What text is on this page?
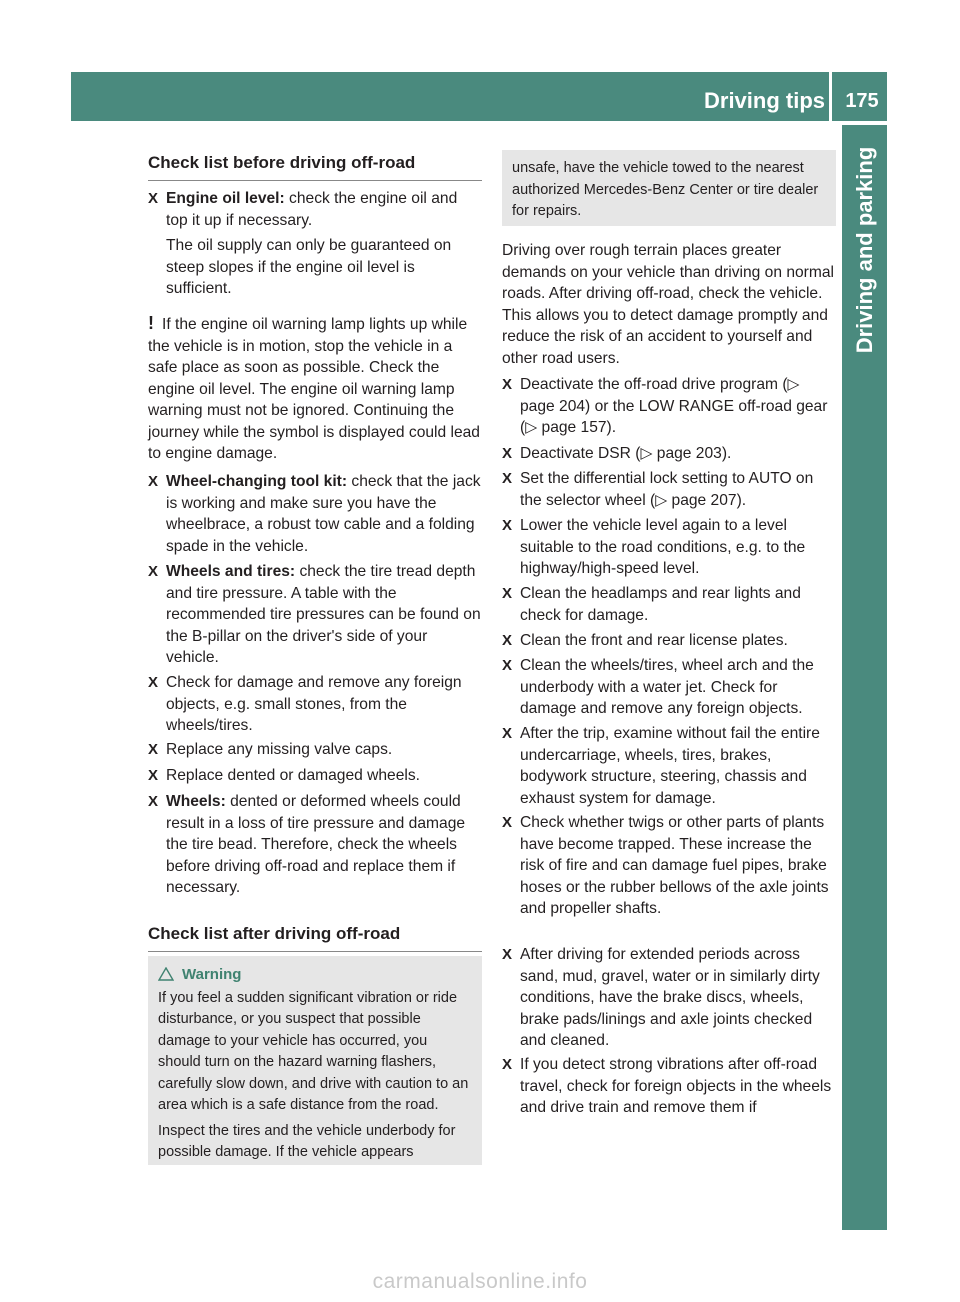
Driving tips	175
Driving and parking
Check list before driving off-road
X Engine oil level: check the engine oil and top it up if necessary.
The oil supply can only be guaranteed on steep slopes if the engine oil level is sufficient.
! If the engine oil warning lamp lights up while the vehicle is in motion, stop the vehicle in a safe place as soon as possible. Check the engine oil level. The engine oil warning lamp warning must not be ignored. Continuing the journey while the symbol is displayed could lead to engine damage.
X Wheel-changing tool kit: check that the jack is working and make sure you have the wheelbrace, a robust tow cable and a folding spade in the vehicle.
X Wheels and tires: check the tire tread depth and tire pressure. A table with the recommended tire pressures can be found on the B-pillar on the driver's side of your vehicle.
X Check for damage and remove any foreign objects, e.g. small stones, from the wheels/tires.
X Replace any missing valve caps.
X Replace dented or damaged wheels.
X Wheels: dented or deformed wheels could result in a loss of tire pressure and damage the tire bead. Therefore, check the wheels before driving off-road and replace them if necessary.
Check list after driving off-road
Warning
If you feel a sudden significant vibration or ride disturbance, or you suspect that possible damage to your vehicle has occurred, you should turn on the hazard warning flashers, carefully slow down, and drive with caution to an area which is a safe distance from the road.
Inspect the tires and the vehicle underbody for possible damage. If the vehicle appears
unsafe, have the vehicle towed to the nearest authorized Mercedes-Benz Center or tire dealer for repairs.
Driving over rough terrain places greater demands on your vehicle than driving on normal roads. After driving off-road, check the vehicle. This allows you to detect damage promptly and reduce the risk of an accident to yourself and other road users.
X Deactivate the off-road drive program (▷ page 204) or the LOW RANGE off-road gear (▷ page 157).
X Deactivate DSR (▷ page 203).
X Set the differential lock setting to AUTO on the selector wheel (▷ page 207).
X Lower the vehicle level again to a level suitable to the road conditions, e.g. to the highway/high-speed level.
X Clean the headlamps and rear lights and check for damage.
X Clean the front and rear license plates.
X Clean the wheels/tires, wheel arch and the underbody with a water jet. Check for damage and remove any foreign objects.
X After the trip, examine without fail the entire undercarriage, wheels, tires, brakes, bodywork structure, steering, chassis and exhaust system for damage.
X Check whether twigs or other parts of plants have become trapped. These increase the risk of fire and can damage fuel pipes, brake hoses or the rubber bellows of the axle joints and propeller shafts.
X After driving for extended periods across sand, mud, gravel, water or in similarly dirty conditions, have the brake discs, wheels, brake pads/linings and axle joints checked and cleaned.
X If you detect strong vibrations after off-road travel, check for foreign objects in the wheels and drive train and remove them if
carmanualsonline.info
